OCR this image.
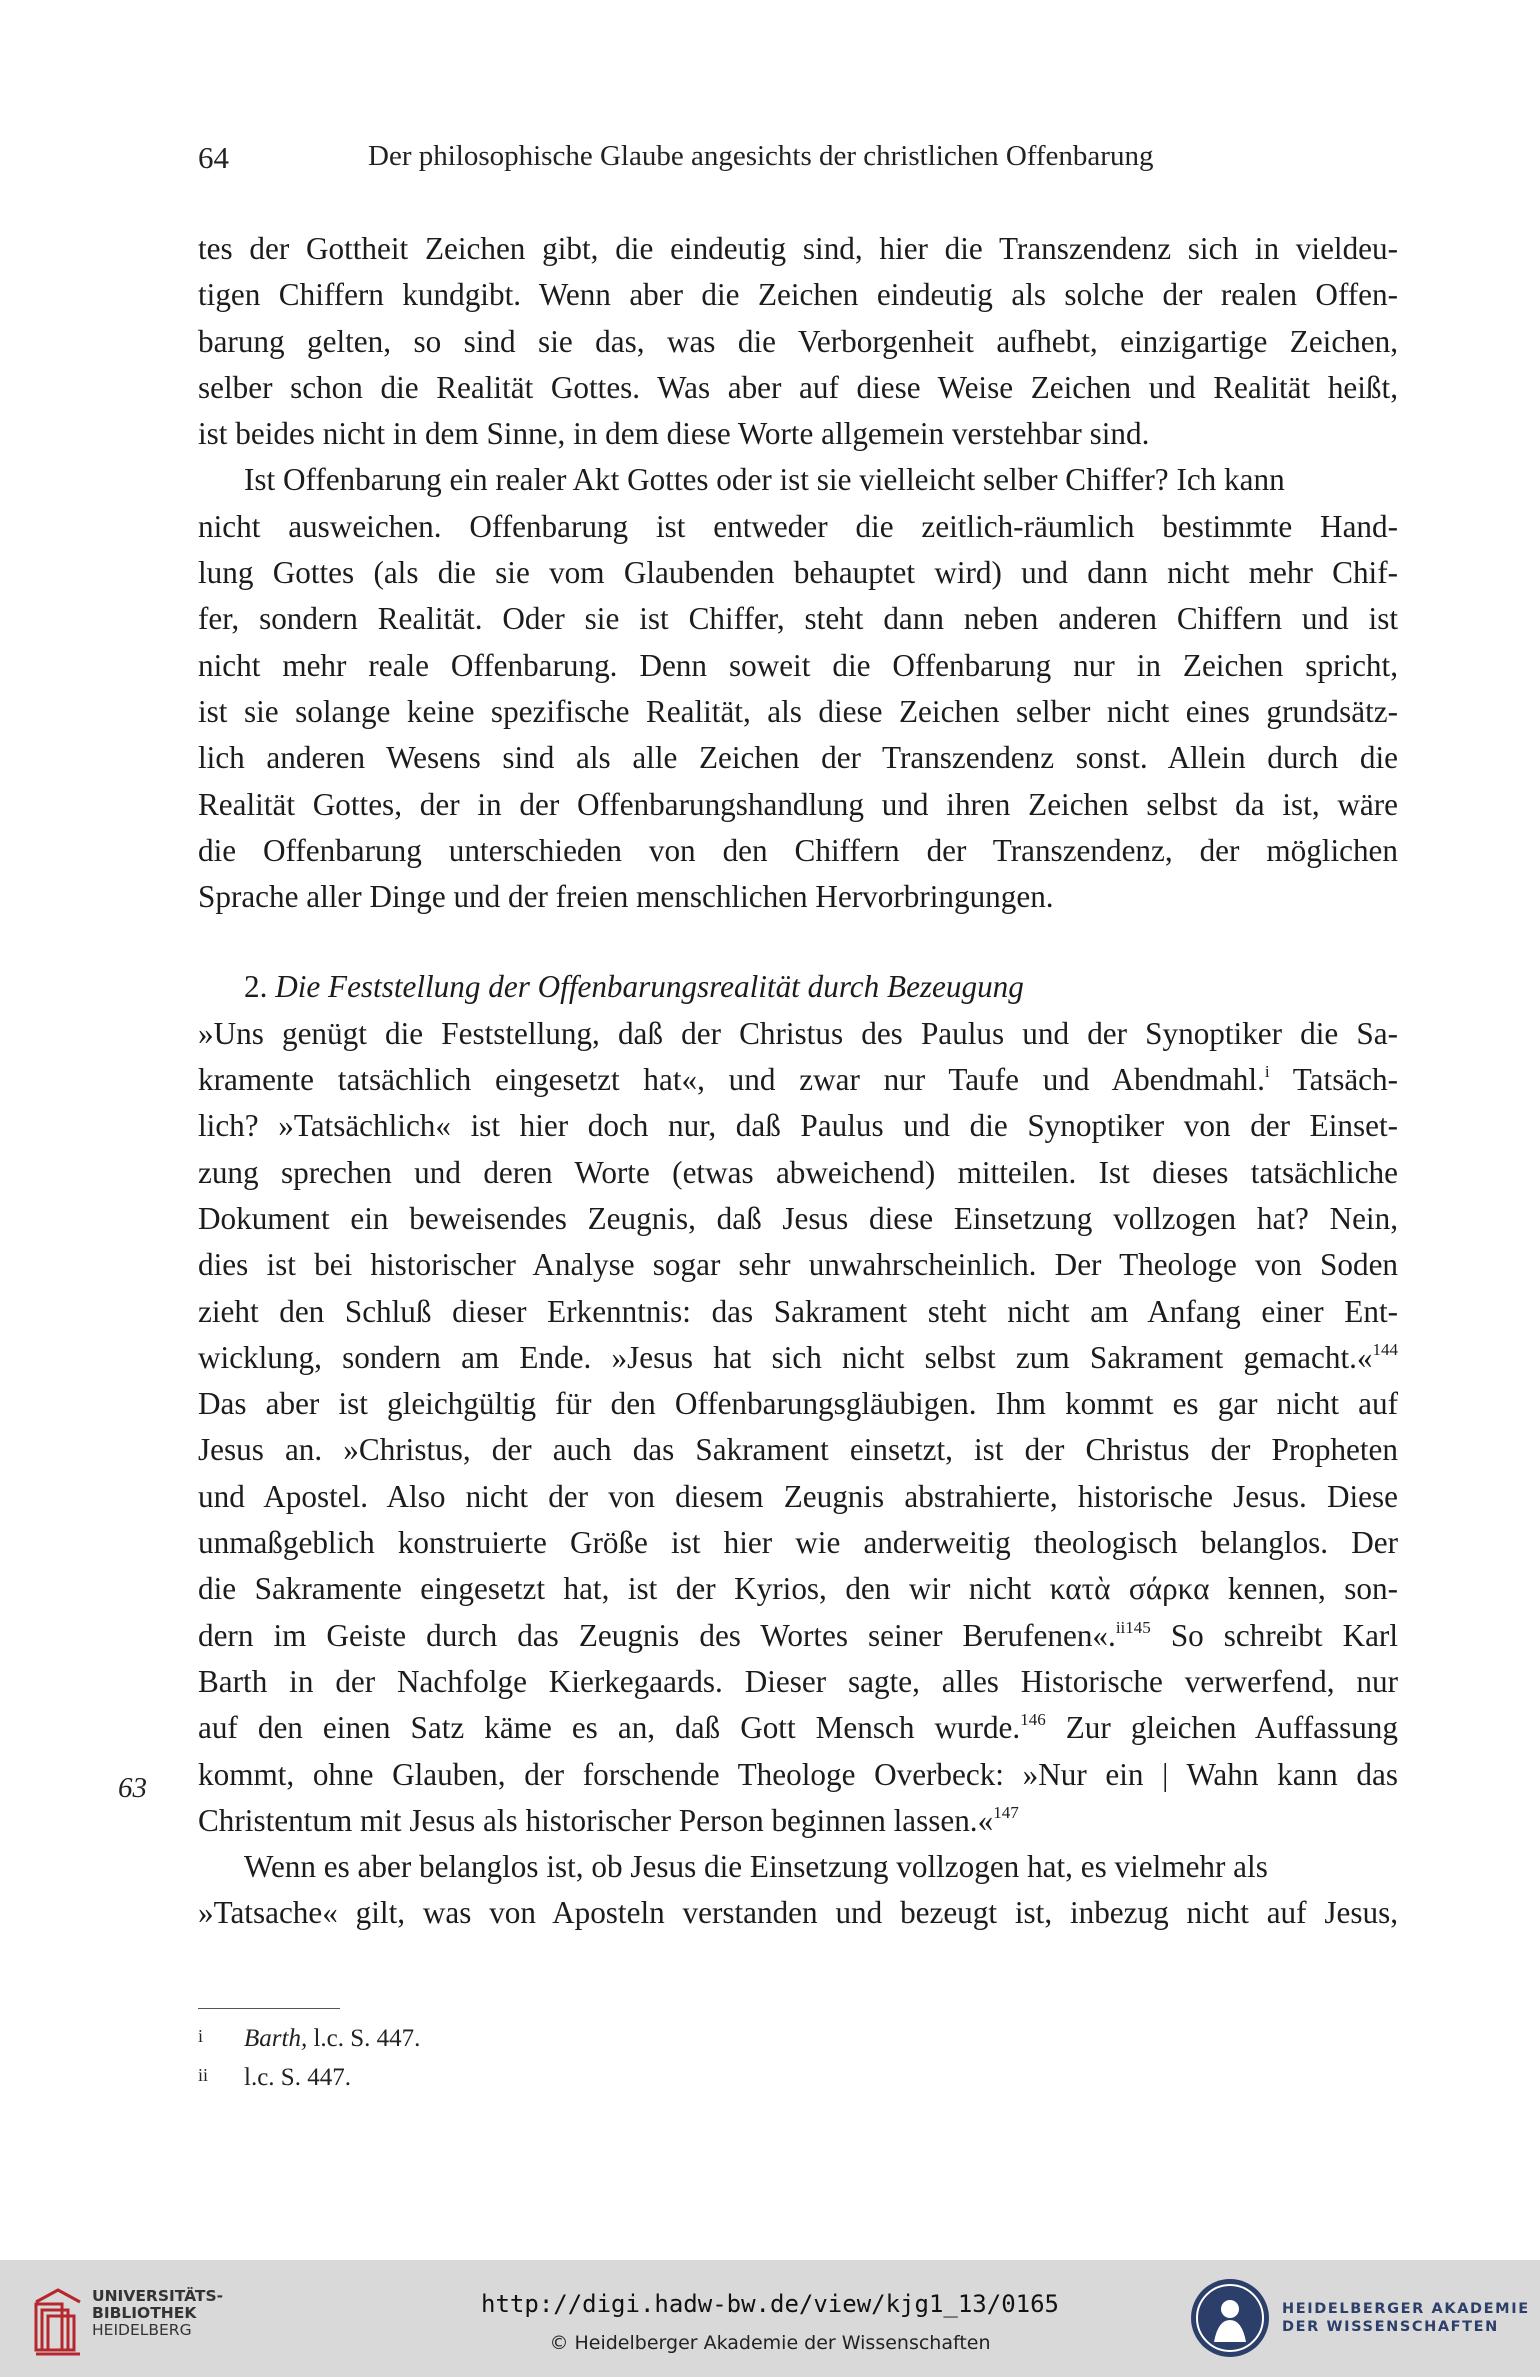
64	Der philosophische Glaube angesichts der christlichen Offenbarung
tes der Gottheit Zeichen gibt, die eindeutig sind, hier die Transzendenz sich in vieldeu-
tigen Chiffern kundgibt. Wenn aber die Zeichen eindeutig als solche der realen Offen-
barung gelten, so sind sie das, was die Verborgenheit aufhebt, einzigartige Zeichen,
selber schon die Realität Gottes. Was aber auf diese Weise Zeichen und Realität heißt,
ist beides nicht in dem Sinne, in dem diese Worte allgemein verstehbar sind.
Ist Offenbarung ein realer Akt Gottes oder ist sie vielleicht selber Chiffer? Ich kann
nicht ausweichen. Offenbarung ist entweder die zeitlich-räumlich bestimmte Hand-
lung Gottes (als die sie vom Glaubenden behauptet wird) und dann nicht mehr Chif-
fer, sondern Realität. Oder sie ist Chiffer, steht dann neben anderen Chiffern und ist
nicht mehr reale Offenbarung. Denn soweit die Offenbarung nur in Zeichen spricht,
ist sie solange keine spezifische Realität, als diese Zeichen selber nicht eines grundsätz-
lich anderen Wesens sind als alle Zeichen der Transzendenz sonst. Allein durch die
Realität Gottes, der in der Offenbarungshandlung und ihren Zeichen selbst da ist, wäre
die Offenbarung unterschieden von den Chiffern der Transzendenz, der möglichen
Sprache aller Dinge und der freien menschlichen Hervorbringungen.
2. Die Feststellung der Offenbarungsrealität durch Bezeugung
»Uns genügt die Feststellung, daß der Christus des Paulus und der Synoptiker die Sa-
kramente tatsächlich eingesetzt hat«, und zwar nur Taufe und Abendmahl.$^i$ Tatsäch-
lich? »Tatsächlich« ist hier doch nur, daß Paulus und die Synoptiker von der Einset-
zung sprechen und deren Worte (etwas abweichend) mitteilen. Ist dieses tatsächliche
Dokument ein beweisendes Zeugnis, daß Jesus diese Einsetzung vollzogen hat? Nein,
dies ist bei historischer Analyse sogar sehr unwahrscheinlich. Der Theologe von Soden
zieht den Schluß dieser Erkenntnis: das Sakrament steht nicht am Anfang einer Ent-
wicklung, sondern am Ende. »Jesus hat sich nicht selbst zum Sakrament gemacht.«$^{144}$
Das aber ist gleichgültig für den Offenbarungsgläubigen. Ihm kommt es gar nicht auf
Jesus an. »Christus, der auch das Sakrament einsetzt, ist der Christus der Propheten
und Apostel. Also nicht der von diesem Zeugnis abstrahierte, historische Jesus. Diese
unmaßgeblich konstruierte Größe ist hier wie anderweitig theologisch belanglos. Der
die Sakramente eingesetzt hat, ist der Kyrios, den wir nicht κατὰ σάρκα kennen, son-
dern im Geiste durch das Zeugnis des Wortes seiner Berufenen«.$^{ii145}$ So schreibt Karl
Barth in der Nachfolge Kierkegaards. Dieser sagte, alles Historische verwerfend, nur
auf den einen Satz käme es an, daß Gott Mensch wurde.$^{146}$ Zur gleichen Auffassung
kommt, ohne Glauben, der forschende Theologe Overbeck: »Nur ein | Wahn kann das
Christentum mit Jesus als historischer Person beginnen lassen.«$^{147}$
Wenn es aber belanglos ist, ob Jesus die Einsetzung vollzogen hat, es vielmehr als
»Tatsache« gilt, was von Aposteln verstanden und bezeugt ist, inbezug nicht auf Jesus,
63
i Barth, l.c. S. 447.
ii l.c. S. 447.
UNIVERSITÄTS-
BIBLIOTHEK
HEIDELBERG
http://digi.hadw-bw.de/view/kjg1_13/0165
© Heidelberger Akademie der Wissenschaften
HEIDELBERGER AKADEMIE
DER WISSENSCHAFTEN
